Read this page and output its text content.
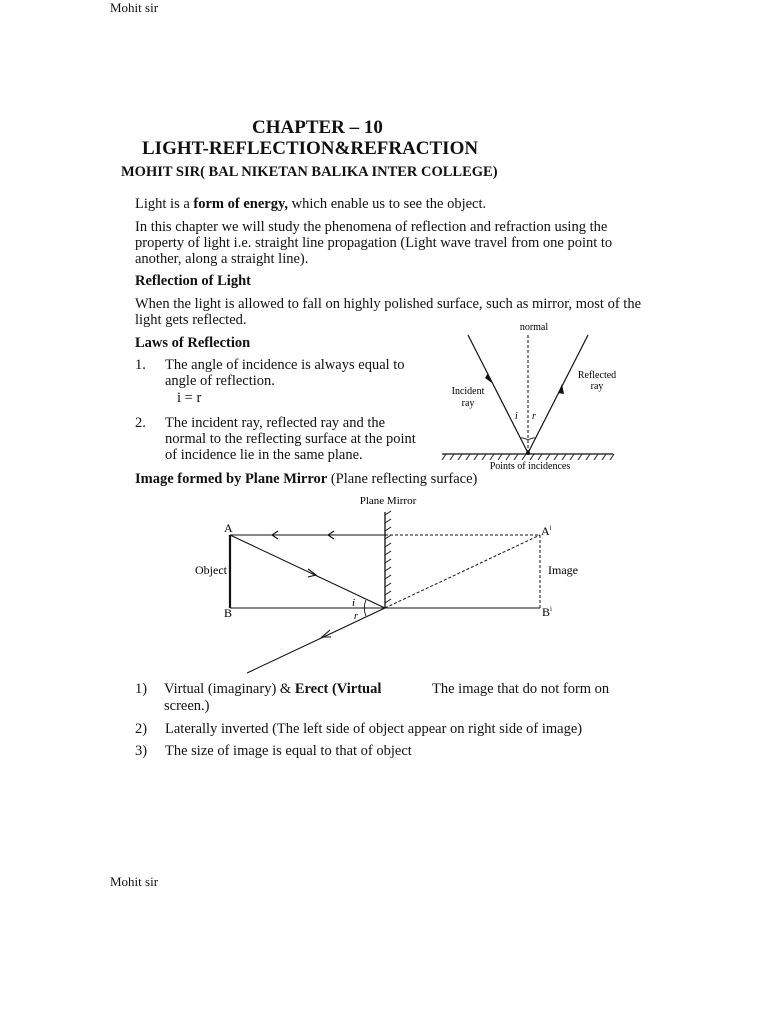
Mohit sir
CHAPTER – 10
LIGHT-REFLECTION&REFRACTION
MOHIT SIR( BAL NIKETAN BALIKA INTER COLLEGE)
Light is a form of energy, which enable us to see the object.
In this chapter we will study the phenomena of reflection and refraction using the property of light i.e. straight line propagation (Light wave travel from one point to another, along a straight line).
Reflection of Light
When the light is allowed to fall on highly polished surface, such as mirror, most of the light gets reflected.
Laws of Reflection
1. The angle of incidence is always equal to angle of reflection.
i = r
2. The incident ray, reflected ray and the normal to the reflecting surface at the point of incidence lie in the same plane.
normal
Incident
ray
Reflected
ray
i r
Points of incidences
Image formed by Plane Mirror (Plane reflecting surface)
Plane Mirror
A
B
$A^i$
$B^i$
Object	Image
i
r
1) Virtual (imaginary) & Erect (Virtual	The image that do not form on
screen.)
2) Laterally inverted (The left side of object appear on right side of image)
3) The size of image is equal to that of object
Mohit sir
